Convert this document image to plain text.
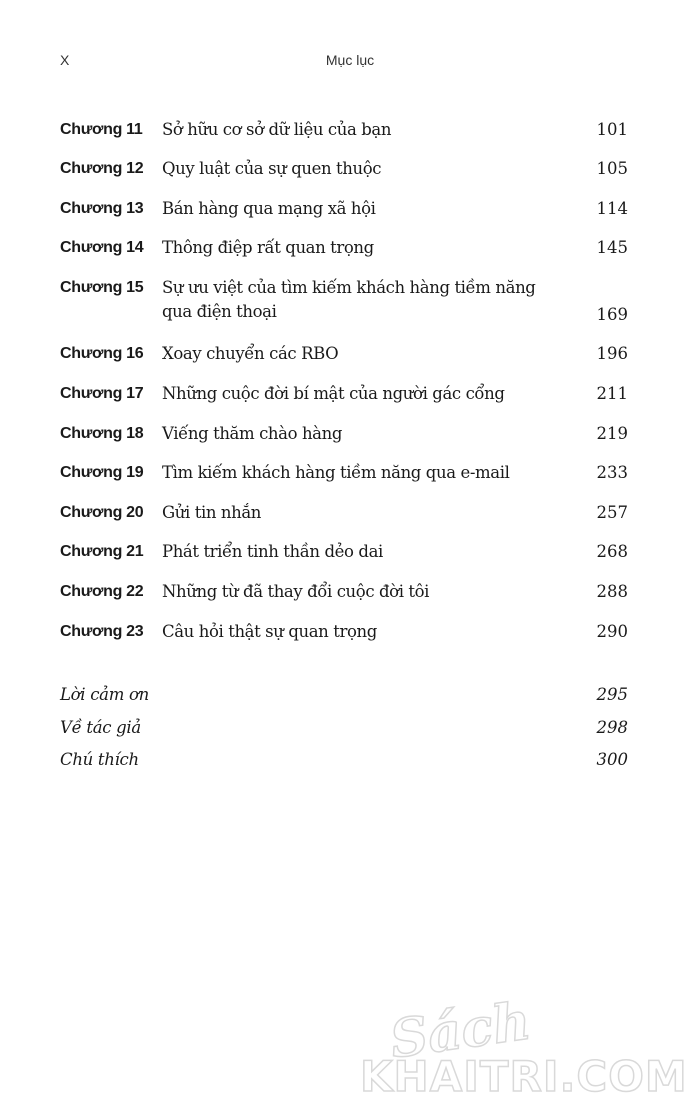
X	Mục lục
Chương 11 Sở hữu cơ sở dữ liệu của bạn	101
Chương 12 Quy luật của sự quen thuộc	105
Chương 13 Bán hàng qua mạng xã hội	114
Chương 14 Thông điệp rất quan trọng	145
Chương 15 Sự ưu việt của tìm kiếm khách hàng tiềm năng qua điện thoại	169
Chương 16 Xoay chuyển các RBO	196
Chương 17 Những cuộc đời bí mật của người gác cổng	211
Chương 18 Viếng thăm chào hàng	219
Chương 19 Tìm kiếm khách hàng tiềm năng qua e-mail	233
Chương 20 Gửi tin nhắn	257
Chương 21 Phát triển tinh thần dẻo dai	268
Chương 22 Những từ đã thay đổi cuộc đời tôi	288
Chương 23 Câu hỏi thật sự quan trọng	290
Lời cảm ơn	295
Về tác giả	298
Chú thích	300
Sách
KHAITRI.COM
